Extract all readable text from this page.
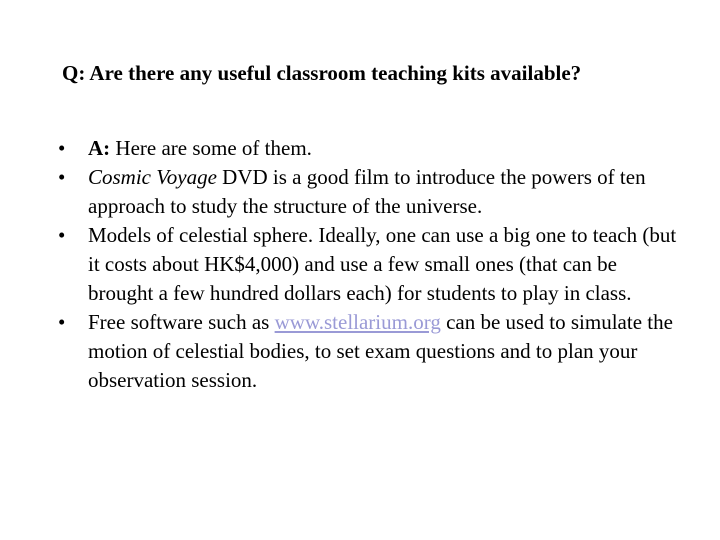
Q: Are there any useful classroom teaching kits available?
• A: Here are some of them.
• Cosmic Voyage DVD is a good film to introduce the powers of ten approach to study the structure of the universe.
• Models of celestial sphere. Ideally, one can use a big one to teach (but it costs about HK$4,000) and use a few small ones (that can be brought a few hundred dollars each) for students to play in class.
• Free software such as www.stellarium.org can be used to simulate the motion of celestial bodies, to set exam questions and to plan your observation session.
